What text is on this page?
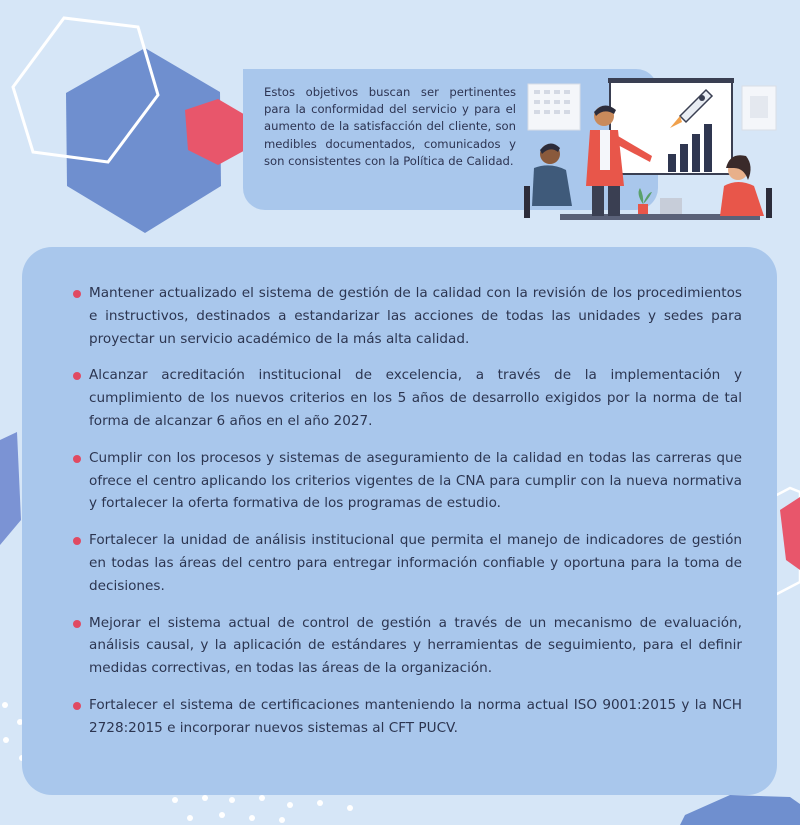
Estos objetivos buscan ser pertinentes para la conformidad del servicio y para el aumento de la satisfacción del cliente, son medibles documentados, comunicados y son consistentes con la Política de Calidad.

Mantener actualizado el sistema de gestión de la calidad con la revisión de los procedimientos e instructivos, destinados a estandarizar las acciones de todas las unidades y sedes para proyectar un servicio académico de la más alta calidad.
Alcanzar acreditación institucional de excelencia, a través de la implementación y cumplimiento de los nuevos criterios en los 5 años de desarrollo exigidos por la norma de tal forma de alcanzar 6 años en el año 2027.
Cumplir con los procesos y sistemas de aseguramiento de la calidad en todas las carreras que ofrece el centro aplicando los criterios vigentes de la CNA para cumplir con la nueva normativa y fortalecer la oferta formativa de los programas de estudio.
Fortalecer la unidad de análisis institucional que permita el manejo de indicadores de gestión en todas las áreas del centro para entregar información confiable y oportuna para la toma de decisiones.
Mejorar el sistema actual de control de gestión a través de un mecanismo de evaluación, análisis causal, y la aplicación de estándares y herramientas de seguimiento, para el definir medidas correctivas, en todas las áreas de la organización.
Fortalecer el sistema de certificaciones manteniendo la norma actual ISO 9001:2015 y la NCH 2728:2015 e incorporar nuevos sistemas al CFT PUCV.
